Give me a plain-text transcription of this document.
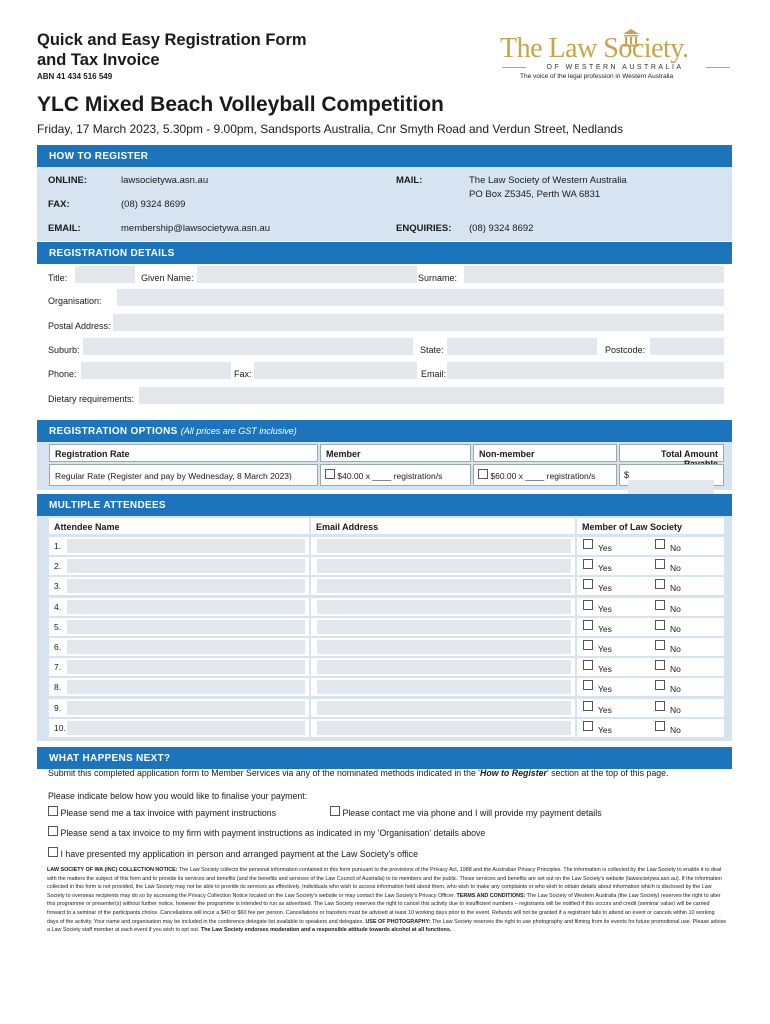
Quick and Easy Registration Form
and Tax Invoice
ABN 41 434 516 549
The Law Society.
OF WESTERN AUSTRALIA
The voice of the legal profession in Western Australia
YLC Mixed Beach Volleyball Competition
Friday, 17 March 2023, 5.30pm - 9.00pm, Sandsports Australia, Cnr Smyth Road and Verdun Street, Nedlands
HOW TO REGISTER
ONLINE:	lawsocietywa.asn.au
FAX:	(08) 9324 8699
EMAIL:	membership@lawsocietywa.asn.au
MAIL:	The Law Society of Western Australia
PO Box Z5345, Perth WA 6831
ENQUIRIES: (08) 9324 8692
REGISTRATION DETAILS
Title:	Given Name:	Surname:
Organisation:
Postal Address:
Suburb:	State:	Postcode:
Phone:	Fax:	Email:
Dietary requirements:
REGISTRATION OPTIONS (All prices are GST inclusive)
Registration Rate	Member	Non-member	Total Amount
Regular Rate (Register and pay by Wednesday, 8 March 2023)	$40.00 x ____ registration/s	$60.00 x ____ registration/s	$
MULTIPLE ATTENDEES
Attendee Name	Email Address	Member of Law Society
1.	Yes	No
2.	Yes	No
3.	Yes	No
4.	Yes	No
5.	Yes	No
6.	Yes	No
7.	Yes	No
8.	Yes	No
9.	Yes	No
10.	Yes	No
WHAT HAPPENS NEXT?
Submit this completed application form to Member Services via any of the nominated methods indicated in the 'How to Register' section at the top of this page.
Please indicate below how you would like to finalise your payment:
Please send me a tax invoice with payment instructions	Please contact me via phone and I will provide my payment details
Please send a tax invoice to my firm with payment instructions as indicated in my 'Organisation' details above
I have presented my application in person and arranged payment at the Law Society's office
LAW SOCIETY OF WA (INC) COLLECTION NOTICE: The Law Society collects the personal information contained in this form pursuant to the provisions of the Privacy Act, 1988 and the Australian Privacy Principles. The information is collected by the Law Society to enable it to deal with the matters the subject of this form and to provide its services and benefits (and the benefits and services of the Law Council of Australia) to its members and the public. Those services and benefits are set out on the Law Society's website (lawsocietywa.asn.au). If the information collected in this form is not provided, the Law Society may not be able to provide its services as effectively. Individuals who wish to access information held about them, who wish to make any complaints or who wish to obtain details about information which is disclosed by the Law Society to overseas recipients may do so by accessing the Privacy Collection Notice located on the Law Society's website or may contact the Law Society's Privacy Officer. TERMS AND CONDITIONS: The Law Society of Western Australia (the Law Society) reserves the right to alter this programme or presenter(s) without further notice, however the programme is intended to run as advertised. The Law Society reserves the right to cancel this activity due to insufficient numbers – registrants will be notified if this occurs and credit (seminar value) will be carried forward to a seminar of the participants choice. Cancellations will incur a $40 or $60 fee per person. Cancellations or transfers must be advised at least 10 working days prior to the event. Refunds will not be granted if a registrant fails to attend an event or cancels within 10 working days of the activity. Your name and organisation may be included in the conference delegate list available to speakers and delegates. USE OF PHOTOGRAPHY: The Law Society reserves the right to use photography and filming from its events for future promotional use. Please advise a Law Society staff member at each event if you wish to opt out. The Law Society endorses moderation and a responsible attitude towards alcohol at all functions.
